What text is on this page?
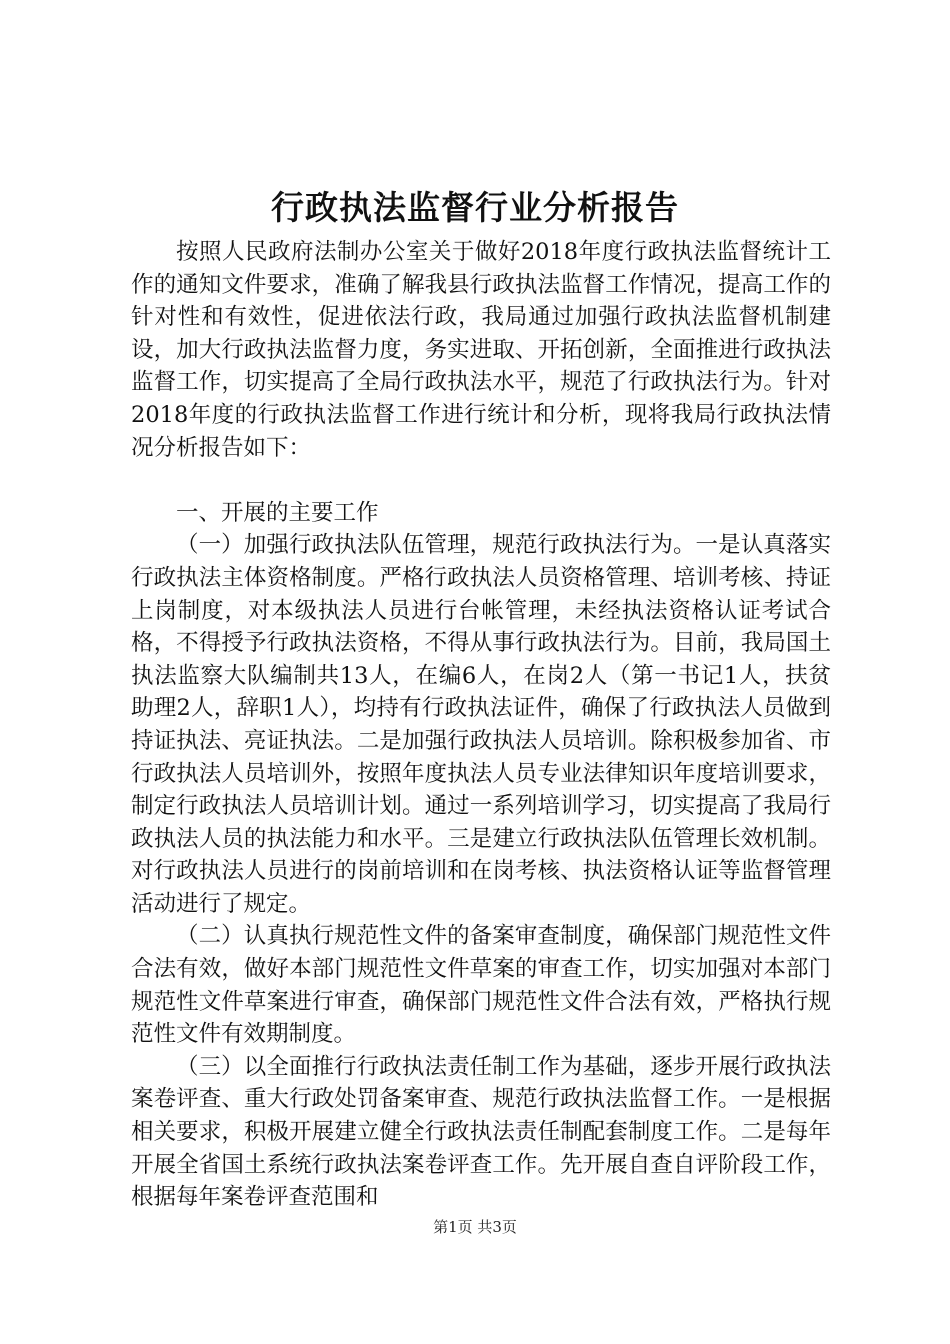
行政执法监督行业分析报告

按照人民政府法制办公室关于做好2018年度行政执法监督统计工作的通知文件要求，准确了解我县行政执法监督工作情况，提高工作的针对性和有效性，促进依法行政，我局通过加强行政执法监督机制建设，加大行政执法监督力度，务实进取、开拓创新，全面推进行政执法监督工作，切实提高了全局行政执法水平，规范了行政执法行为。针对2018年度的行政执法监督工作进行统计和分析，现将我局行政执法情况分析报告如下：

一、开展的主要工作

（一）加强行政执法队伍管理，规范行政执法行为。一是认真落实行政执法主体资格制度。严格行政执法人员资格管理、培训考核、持证上岗制度，对本级执法人员进行台帐管理，未经执法资格认证考试合格，不得授予行政执法资格，不得从事行政执法行为。目前，我局国土执法监察大队编制共13人，在编6人，在岗2人（第一书记1人，扶贫助理2人，辞职1人），均持有行政执法证件，确保了行政执法人员做到持证执法、亮证执法。二是加强行政执法人员培训。除积极参加省、市行政执法人员培训外，按照年度执法人员专业法律知识年度培训要求，制定行政执法人员培训计划。通过一系列培训学习，切实提高了我局行政执法人员的执法能力和水平。三是建立行政执法队伍管理长效机制。对行政执法人员进行的岗前培训和在岗考核、执法资格认证等监督管理活动进行了规定。

（二）认真执行规范性文件的备案审查制度，确保部门规范性文件合法有效，做好本部门规范性文件草案的审查工作，切实加强对本部门规范性文件草案进行审查，确保部门规范性文件合法有效，严格执行规范性文件有效期制度。

（三）以全面推行行政执法责任制工作为基础，逐步开展行政执法案卷评查、重大行政处罚备案审查、规范行政执法监督工作。一是根据相关要求，积极开展建立健全行政执法责任制配套制度工作。二是每年开展全省国土系统行政执法案卷评查工作。先开展自查自评阶段工作，根据每年案卷评查范围和

第1页 共3页
